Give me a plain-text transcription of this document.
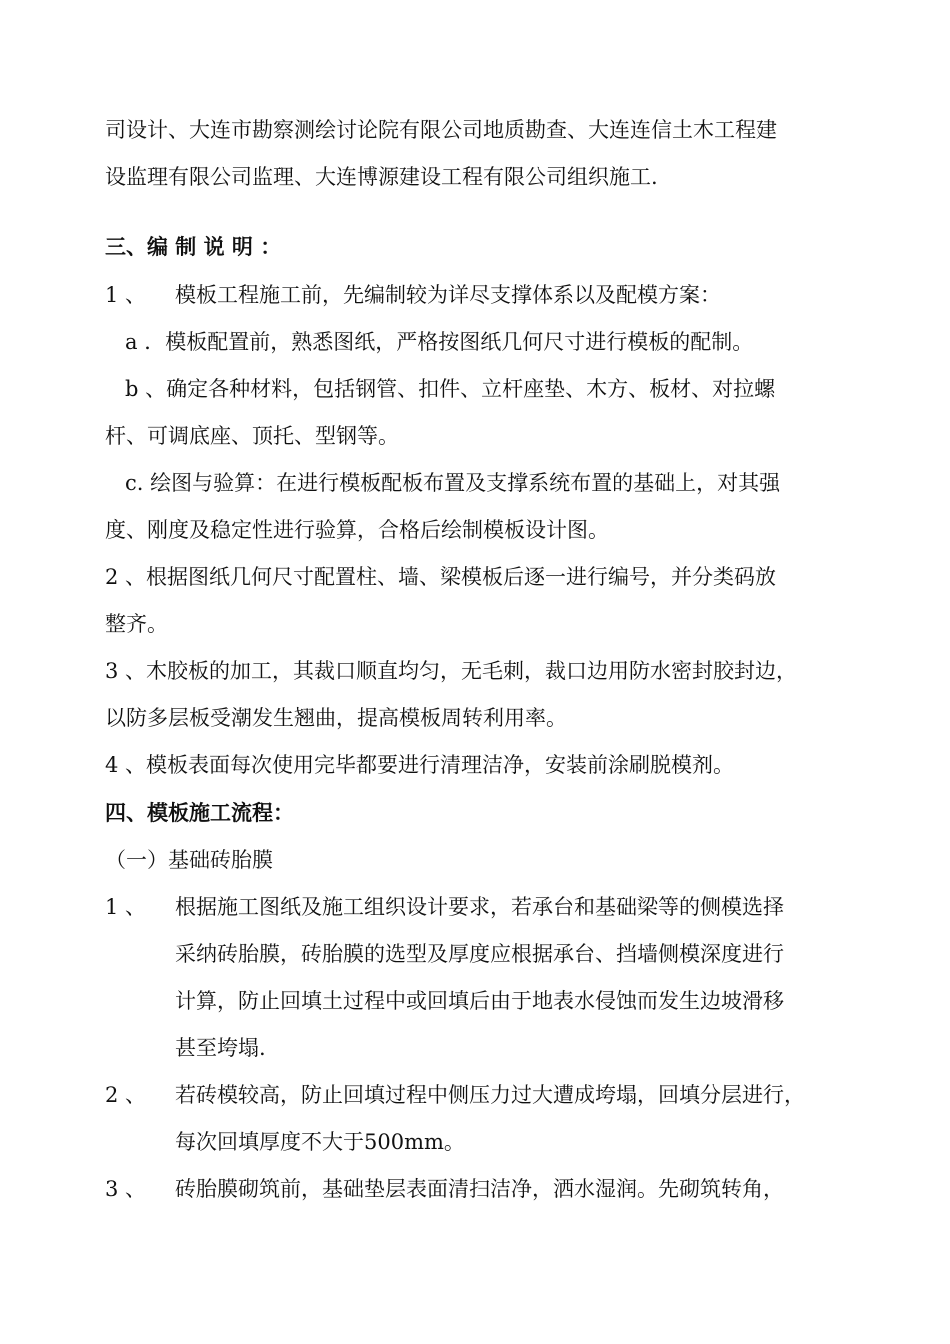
司设计、大连市勘察测绘讨论院有限公司地质勘查、大连连信土木工程建
设监理有限公司监理、大连博源建设工程有限公司组织施工.
三、编 制 说 明 ：
1 、 模板工程施工前，先编制较为详尽支撑体系以及配模方案：
a ．模板配置前，熟悉图纸，严格按图纸几何尺寸进行模板的配制。
b 、确定各种材料，包括钢管、扣件、立杆座垫、木方、板材、对拉螺
杆、可调底座、顶托、型钢等。
c. 绘图与验算：在进行模板配板布置及支撑系统布置的基础上，对其强
度、刚度及稳定性进行验算，合格后绘制模板设计图。
2 、根据图纸几何尺寸配置柱、墙、梁模板后逐一进行编号，并分类码放
整齐。
3 、木胶板的加工，其裁口顺直均匀，无毛刺，裁口边用防水密封胶封边，
以防多层板受潮发生翘曲，提高模板周转利用率。
4 、模板表面每次使用完毕都要进行清理洁净，安装前涂刷脱模剂。
四、模板施工流程：
（一）基础砖胎膜
1 、 根据施工图纸及施工组织设计要求，若承台和基础梁等的侧模选择
采纳砖胎膜，砖胎膜的选型及厚度应根据承台、挡墙侧模深度进行
计算，防止回填土过程中或回填后由于地表水侵蚀而发生边坡滑移
甚至垮塌.
2 、 若砖模较高，防止回填过程中侧压力过大遭成垮塌，回填分层进行，
每次回填厚度不大于500mm。
3 、 砖胎膜砌筑前，基础垫层表面清扫洁净，洒水湿润。先砌筑转角，
